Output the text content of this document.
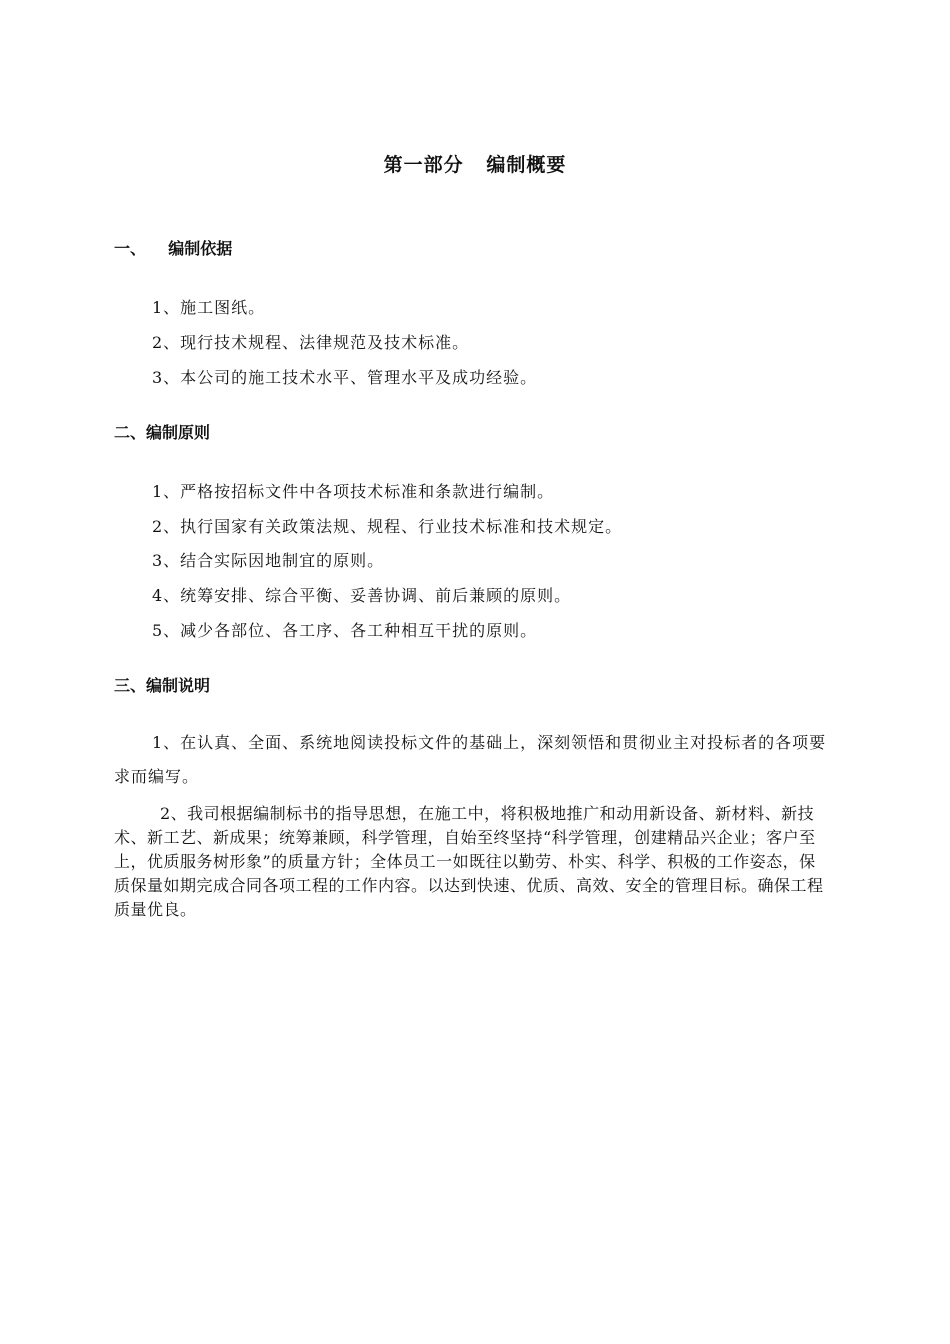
第一部分   编制概要
一、    编制依据
1、施工图纸。
2、现行技术规程、法律规范及技术标准。
3、本公司的施工技术水平、管理水平及成功经验。
二、编制原则
1、严格按招标文件中各项技术标准和条款进行编制。
2、执行国家有关政策法规、规程、行业技术标准和技术规定。
3、结合实际因地制宜的原则。
4、统筹安排、综合平衡、妥善协调、前后兼顾的原则。
5、减少各部位、各工序、各工种相互干扰的原则。
三、编制说明
1、在认真、全面、系统地阅读投标文件的基础上，深刻领悟和贯彻业主对投标者的各项要求而编写。
2、我司根据编制标书的指导思想，在施工中，将积极地推广和动用新设备、新材料、新技术、新工艺、新成果；统筹兼顾，科学管理，自始至终坚持“科学管理，创建精品兴企业；客户至上，优质服务树形象”的质量方针；全体员工一如既往以勤劳、朴实、科学、积极的工作姿态，保质保量如期完成合同各项工程的工作内容。以达到快速、优质、高效、安全的管理目标。确保工程质量优良。
